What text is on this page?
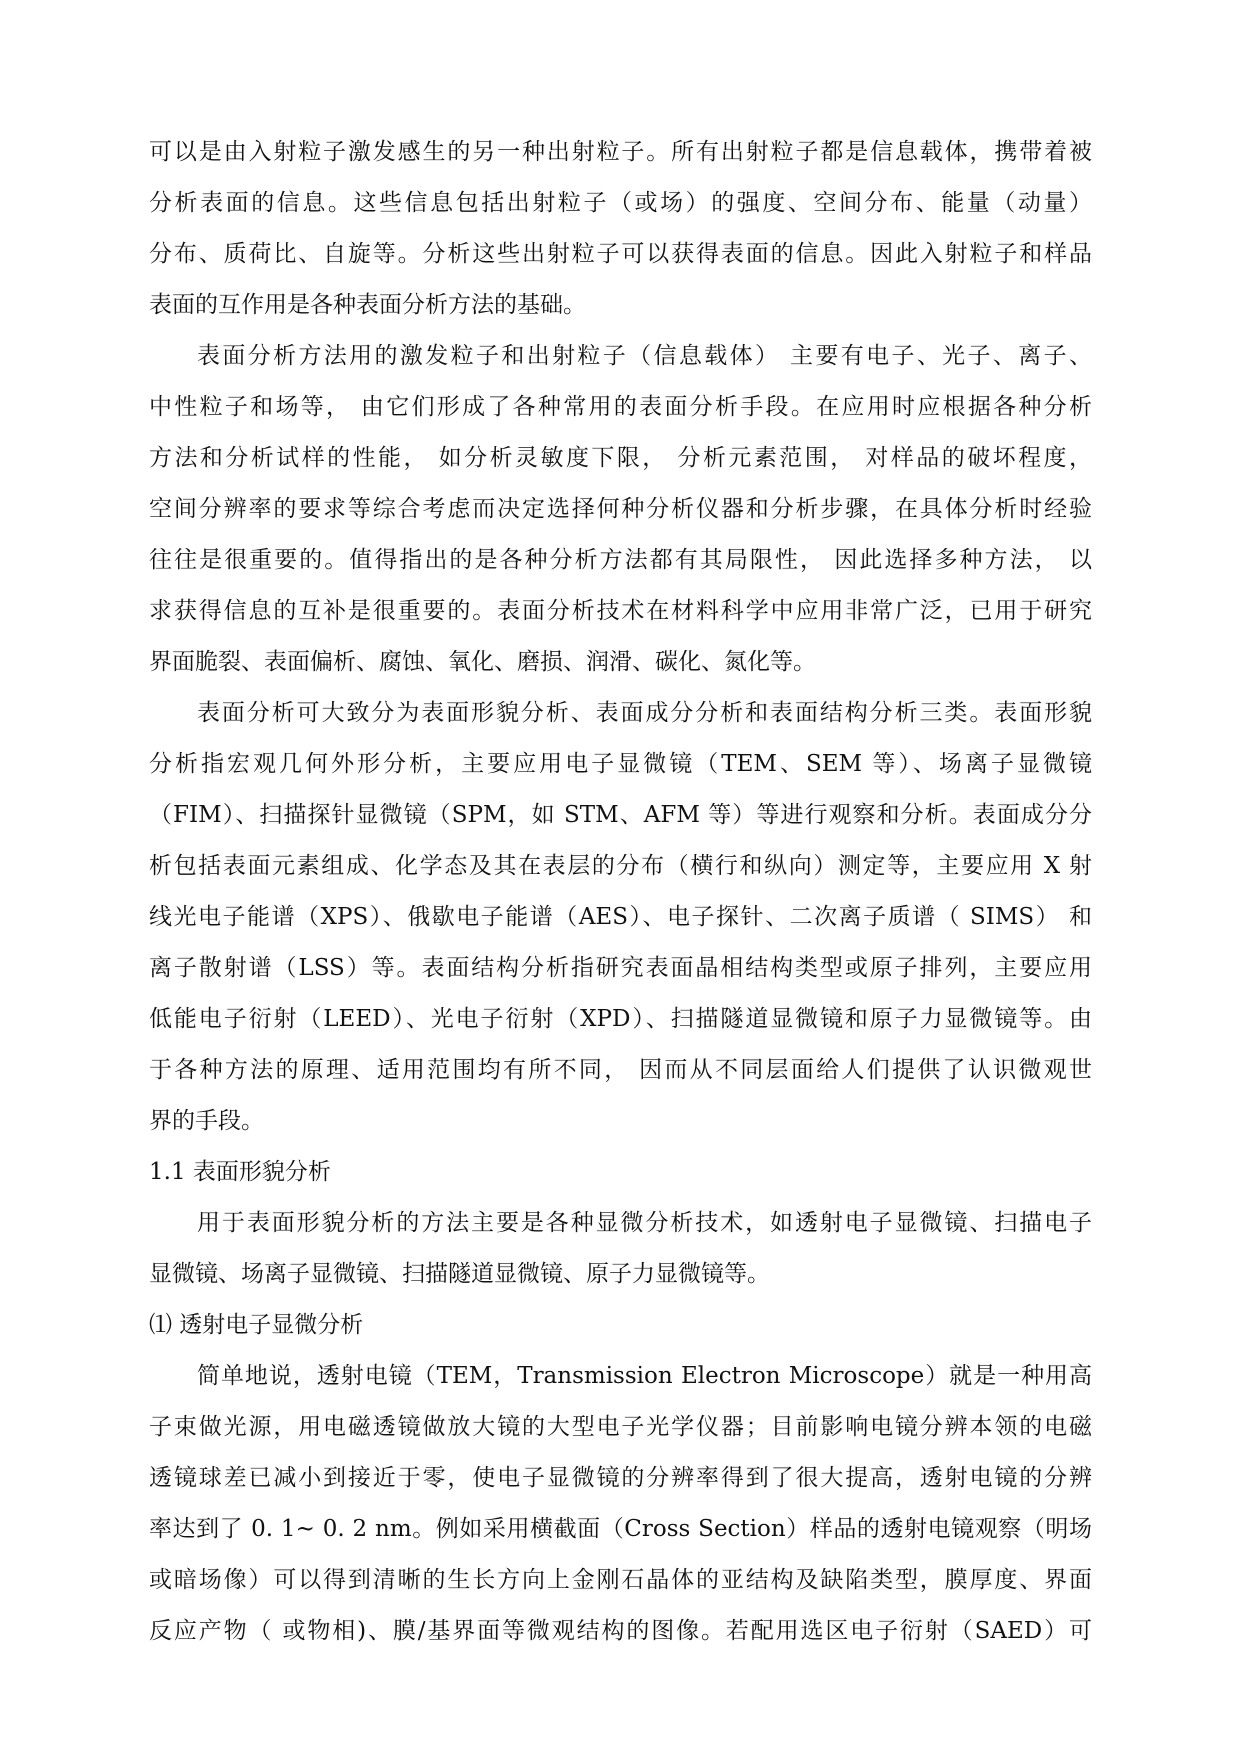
可以是由入射粒子激发感生的另一种出射粒子。所有出射粒子都是信息载体，携带着被
分析表面的信息。这些信息包括出射粒子（或场）的强度、空间分布、能量（动量）
分布、质荷比、自旋等。分析这些出射粒子可以获得表面的信息。因此入射粒子和样品
表面的互作用是各种表面分析方法的基础。
表面分析方法用的激发粒子和出射粒子（信息载体） 主要有电子、光子、离子、
中性粒子和场等， 由它们形成了各种常用的表面分析手段。在应用时应根据各种分析
方法和分析试样的性能， 如分析灵敏度下限， 分析元素范围， 对样品的破坏程度，
空间分辨率的要求等综合考虑而决定选择何种分析仪器和分析步骤，在具体分析时经验
往往是很重要的。值得指出的是各种分析方法都有其局限性， 因此选择多种方法， 以
求获得信息的互补是很重要的。表面分析技术在材料科学中应用非常广泛，已用于研究
界面脆裂、表面偏析、腐蚀、氧化、磨损、润滑、碳化、氮化等。
表面分析可大致分为表面形貌分析、表面成分分析和表面结构分析三类。表面形貌
分析指宏观几何外形分析，主要应用电子显微镜（TEM、SEM 等）、场离子显微镜
（FIM）、扫描探针显微镜（SPM，如 STM、AFM 等）等进行观察和分析。表面成分分
析包括表面元素组成、化学态及其在表层的分布（横行和纵向）测定等，主要应用 X 射
线光电子能谱（XPS）、俄歇电子能谱（AES）、电子探针、二次离子质谱（ SIMS） 和
离子散射谱（LSS）等。表面结构分析指研究表面晶相结构类型或原子排列，主要应用
低能电子衍射（LEED）、光电子衍射（XPD）、扫描隧道显微镜和原子力显微镜等。由
于各种方法的原理、适用范围均有所不同， 因而从不同层面给人们提供了认识微观世
界的手段。
1.1 表面形貌分析
用于表面形貌分析的方法主要是各种显微分析技术，如透射电子显微镜、扫描电子
显微镜、场离子显微镜、扫描隧道显微镜、原子力显微镜等。
⑴ 透射电子显微分析
简单地说，透射电镜（TEM，Transmission Electron Microscope）就是一种用高
子束做光源，用电磁透镜做放大镜的大型电子光学仪器；目前影响电镜分辨本领的电磁
透镜球差已减小到接近于零，使电子显微镜的分辨率得到了很大提高，透射电镜的分辨
率达到了 0. 1~ 0. 2 nm。例如采用横截面（Cross Section）样品的透射电镜观察（明场
或暗场像）可以得到清晰的生长方向上金刚石晶体的亚结构及缺陷类型，膜厚度、界面
反应产物（ 或物相)、膜/基界面等微观结构的图像。若配用选区电子衍射（SAED）可
